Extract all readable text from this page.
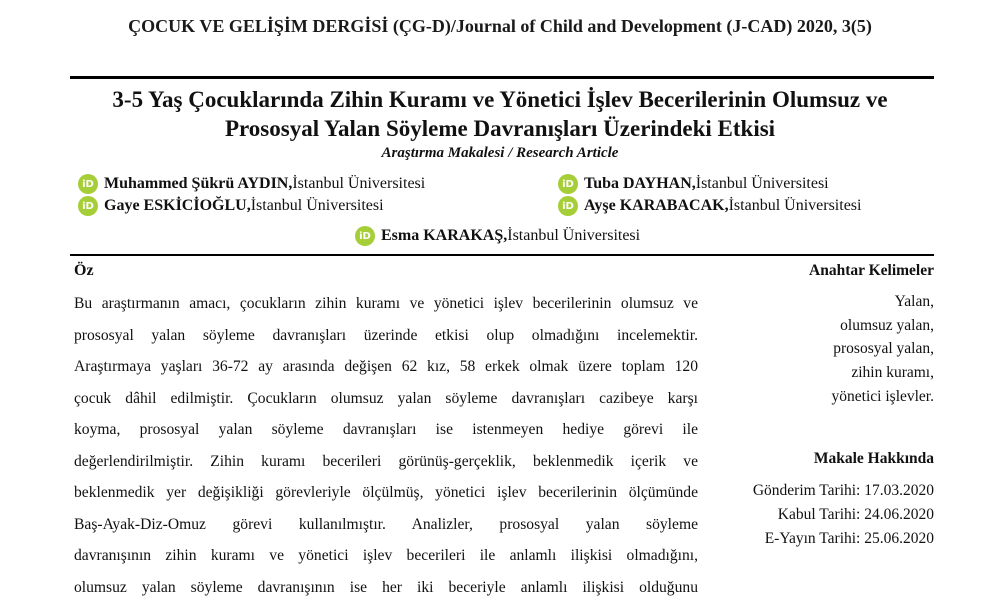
ÇOCUK VE GELİŞİM DERGİSİ (ÇG-D)/Journal of Child and Development (J-CAD) 2020, 3(5)
3-5 Yaş Çocuklarında Zihin Kuramı ve Yönetici İşlev Becerilerinin Olumsuz ve
Prososyal Yalan Söyleme Davranışları Üzerindeki Etkisi
Araştırma Makalesi / Research Article
iD Muhammed Şükrü AYDIN, İstanbul Üniversitesi	iD Tuba DAYHAN, İstanbul Üniversitesi
iD Gaye ESKİCİOĞLU, İstanbul Üniversitesi	iD Ayşe KARABACAK, İstanbul Üniversitesi
iD Esma KARAKAŞ, İstanbul Üniversitesi
Öz
Bu araştırmanın amacı, çocukların zihin kuramı ve yönetici işlev becerilerinin olumsuz ve
prososyal yalan söyleme davranışları üzerinde etkisi olup olmadığını incelemektir.
Araştırmaya yaşları 36-72 ay arasında değişen 62 kız, 58 erkek olmak üzere toplam 120
çocuk dâhil edilmiştir. Çocukların olumsuz yalan söyleme davranışları cazibeye karşı
koyma, prososyal yalan söyleme davranışları ise istenmeyen hediye görevi ile
değerlendirilmiştir. Zihin kuramı becerileri görünüş-gerçeklik, beklenmedik içerik ve
beklenmedik yer değişikliği görevleriyle ölçülmüş, yönetici işlev becerilerinin ölçümünde
Baş-Ayak-Diz-Omuz görevi kullanılmıştır. Analizler, prososyal yalan söyleme
davranışının zihin kuramı ve yönetici işlev becerileri ile anlamlı ilişkisi olmadığını,
olumsuz yalan söyleme davranışının ise her iki beceriyle anlamlı ilişkisi olduğunu
Anahtar Kelimeler
Yalan,
olumsuz yalan,
prososyal yalan,
zihin kuramı,
yönetici işlevler.
Makale Hakkında
Gönderim Tarihi: 17.03.2020
Kabul Tarihi: 24.06.2020
E-Yayın Tarihi: 25.06.2020
